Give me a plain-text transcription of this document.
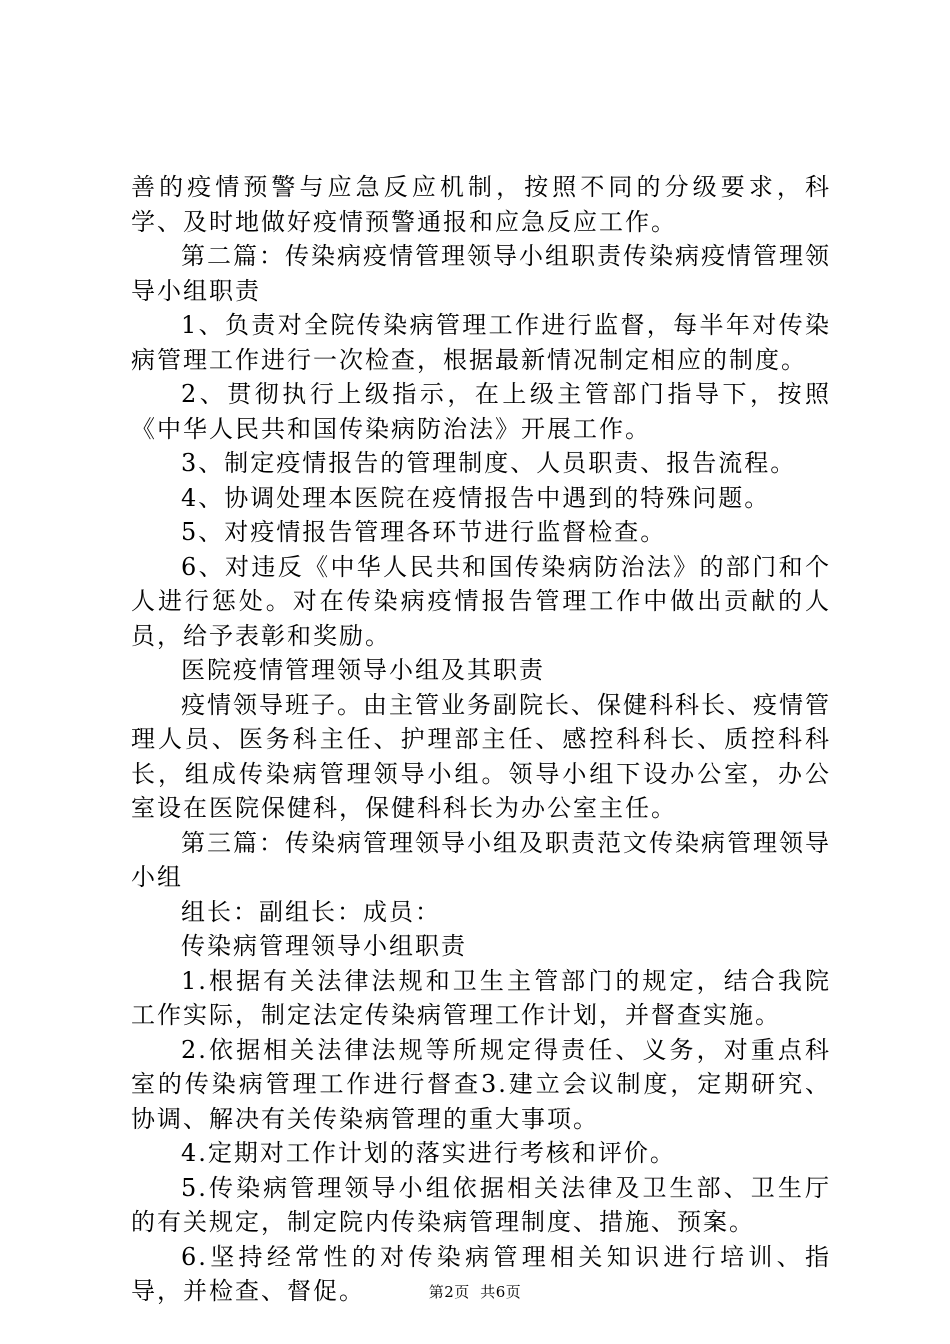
善的疫情预警与应急反应机制，按照不同的分级要求，科学、及时地做好疫情预警通报和应急反应工作。

第二篇：传染病疫情管理领导小组职责传染病疫情管理领导小组职责

1、负责对全院传染病管理工作进行监督，每半年对传染病管理工作进行一次检查，根据最新情况制定相应的制度。

2、贯彻执行上级指示，在上级主管部门指导下，按照《中华人民共和国传染病防治法》开展工作。

3、制定疫情报告的管理制度、人员职责、报告流程。

4、协调处理本医院在疫情报告中遇到的特殊问题。

5、对疫情报告管理各环节进行监督检查。

6、对违反《中华人民共和国传染病防治法》的部门和个人进行惩处。对在传染病疫情报告管理工作中做出贡献的人员，给予表彰和奖励。

医院疫情管理领导小组及其职责

疫情领导班子。由主管业务副院长、保健科科长、疫情管理人员、医务科主任、护理部主任、感控科科长、质控科科长，组成传染病管理领导小组。领导小组下设办公室，办公室设在医院保健科，保健科科长为办公室主任。

第三篇：传染病管理领导小组及职责范文传染病管理领导小组

组长：副组长：成员：

传染病管理领导小组职责

1.根据有关法律法规和卫生主管部门的规定，结合我院工作实际，制定法定传染病管理工作计划，并督查实施。

2.依据相关法律法规等所规定得责任、义务，对重点科室的传染病管理工作进行督查3.建立会议制度，定期研究、协调、解决有关传染病管理的重大事项。

4.定期对工作计划的落实进行考核和评价。

5.传染病管理领导小组依据相关法律及卫生部、卫生厅的有关规定，制定院内传染病管理制度、措施、预案。

6.坚持经常性的对传染病管理相关知识进行培训、指导，并检查、督促。	第2页  共6页
